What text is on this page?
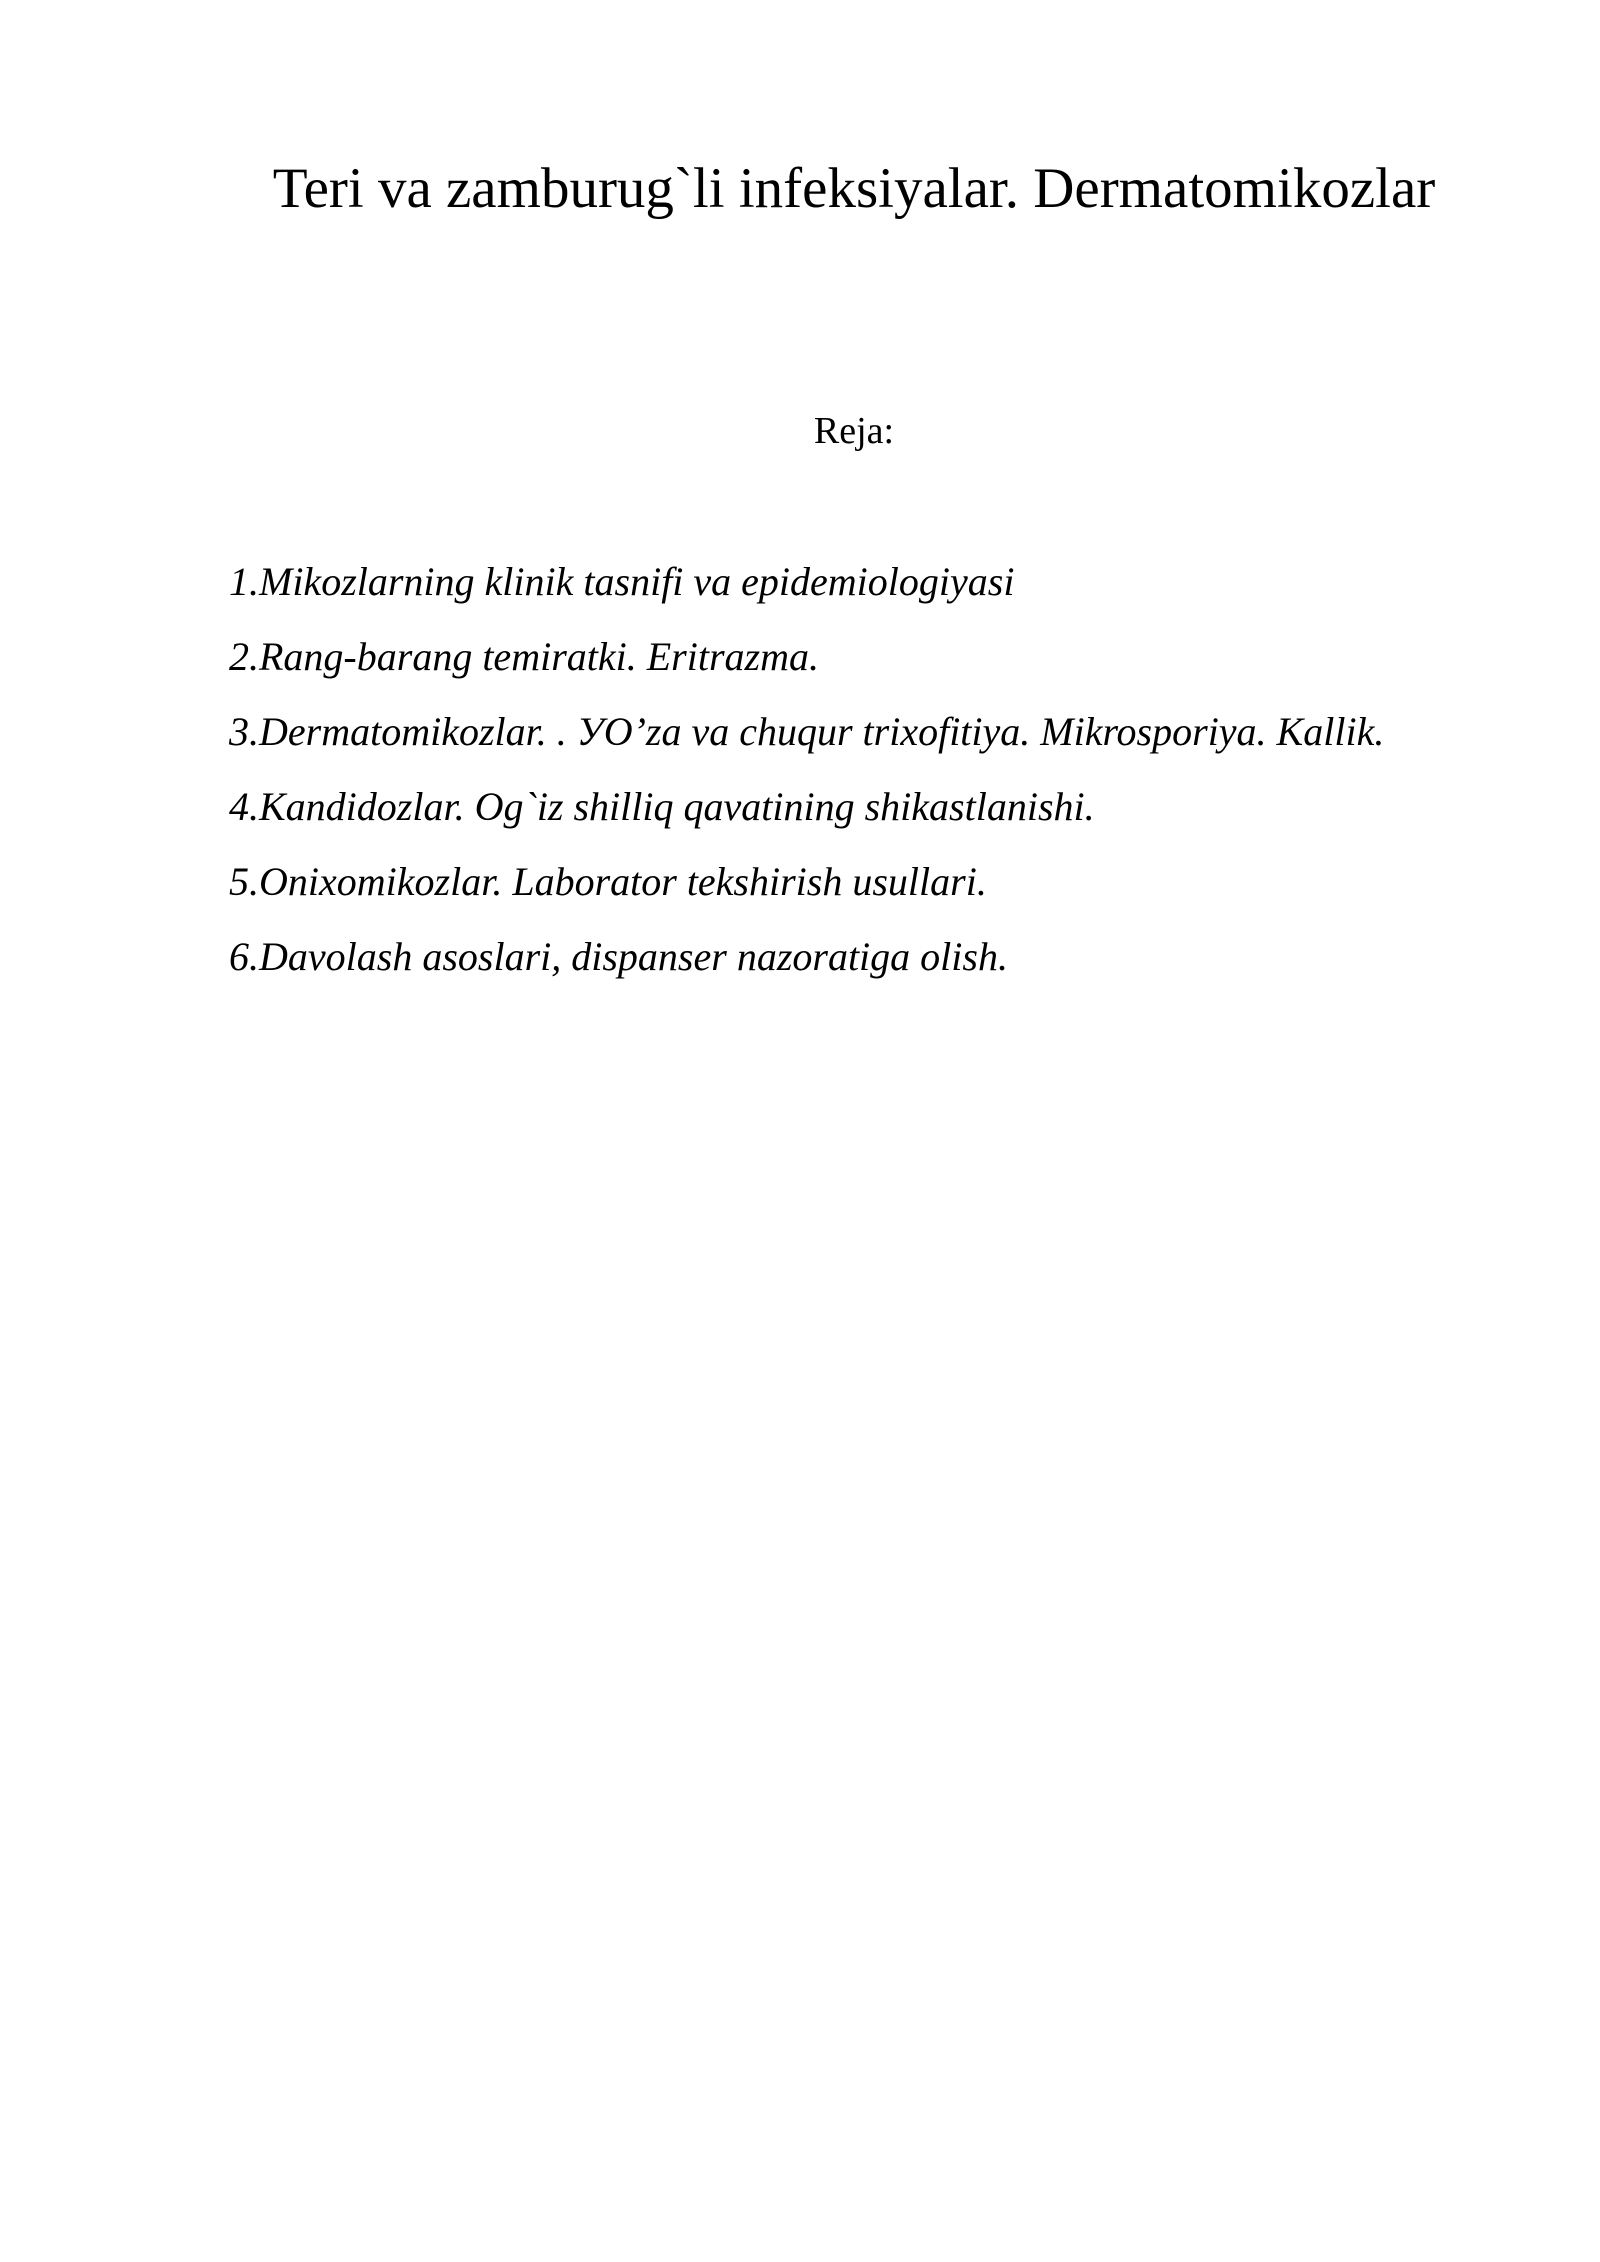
Teri va zamburug`li infeksiyalar. Dermatomikozlar
Reja:
1.Mikozlarning klinik tasnifi va epidemiologiyasi
2.Rang-barang temiratki. Eritrazma.
3.Dermatomikozlar. . УO’za va chuqur trixofitiya. Mikrosporiya. Kallik.
4.Kandidozlar. Og`iz shilliq qavatining shikastlanishi.
5.Onixomikozlar. Laborator tekshirish usullari.
6.Davolash asoslari, dispanser nazoratiga olish.
